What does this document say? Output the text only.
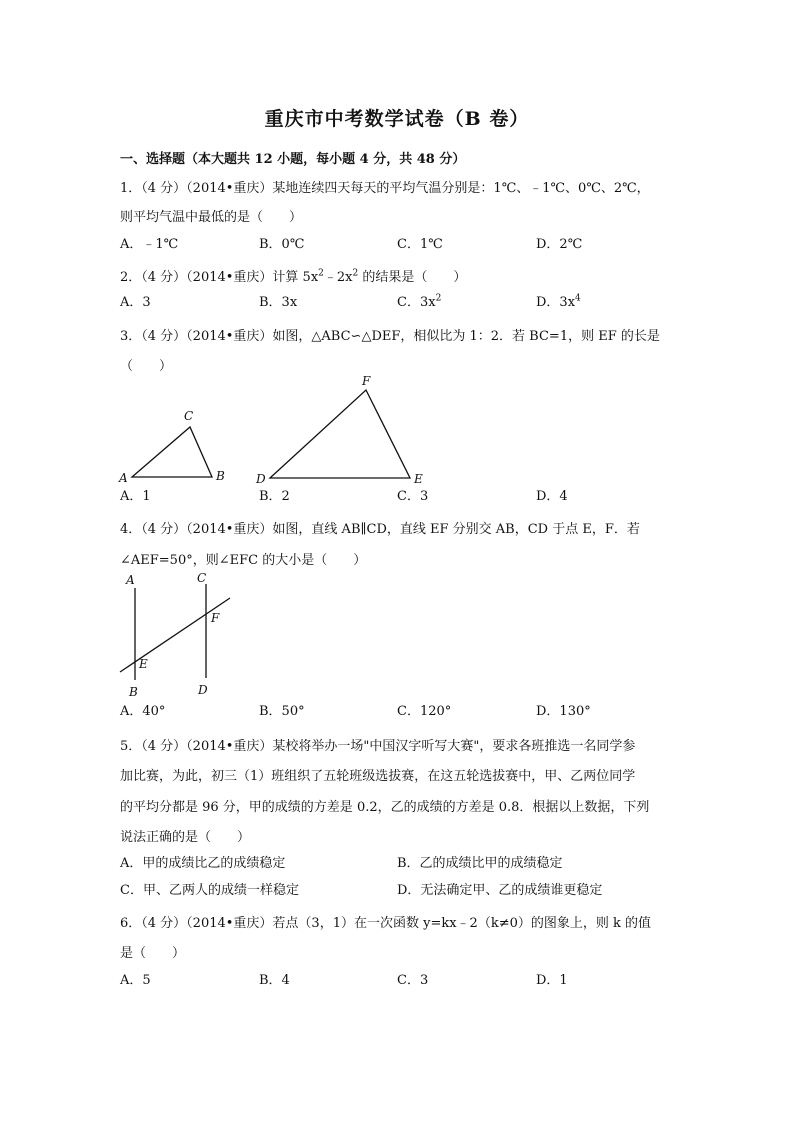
重庆市中考数学试卷（B 卷）
一、选择题（本大题共 12 小题，每小题 4 分，共 48 分）
1．（4 分）（2014•重庆）某地连续四天每天的平均气温分别是：1℃、﹣1℃、0℃、2℃，
则平均气温中最低的是（　　）
A．﹣1℃	B．0℃	C．1℃	D．2℃
2．（4 分）（2014•重庆）计算 $5x^2﹣2x^2$ 的结果是（　　）
A．3	B．3x	C．$3x^2$	D．$3x^4$
3．（4 分）（2014•重庆）如图，△ABC∽△DEF，相似比为 1：2．若 BC=1，则 EF 的长是
（　　）
A	B
C
D	E
F
A．1	B．2	C．3	D．4
4．（4 分）（2014•重庆）如图，直线 AB∥CD，直线 EF 分别交 AB，CD 于点 E，F．若
∠AEF=50°，则∠EFC 的大小是（　　）
A
B
C
D
E
F
A．40°	B．50°	C．120°	D．130°
5．（4 分）（2014•重庆）某校将举办一场"中国汉字听写大赛"，要求各班推选一名同学参
加比赛，为此，初三（1）班组织了五轮班级选拔赛，在这五轮选拔赛中，甲、乙两位同学
的平均分都是 96 分，甲的成绩的方差是 0.2，乙的成绩的方差是 0.8．根据以上数据，下列
说法正确的是（　　）
A．甲的成绩比乙的成绩稳定	B．乙的成绩比甲的成绩稳定
C．甲、乙两人的成绩一样稳定	D．无法确定甲、乙的成绩谁更稳定
6．（4 分）（2014•重庆）若点（3，1）在一次函数 y=kx﹣2（k≠0）的图象上，则 k 的值
是（　　）
A．5	B．4	C．3	D．1
